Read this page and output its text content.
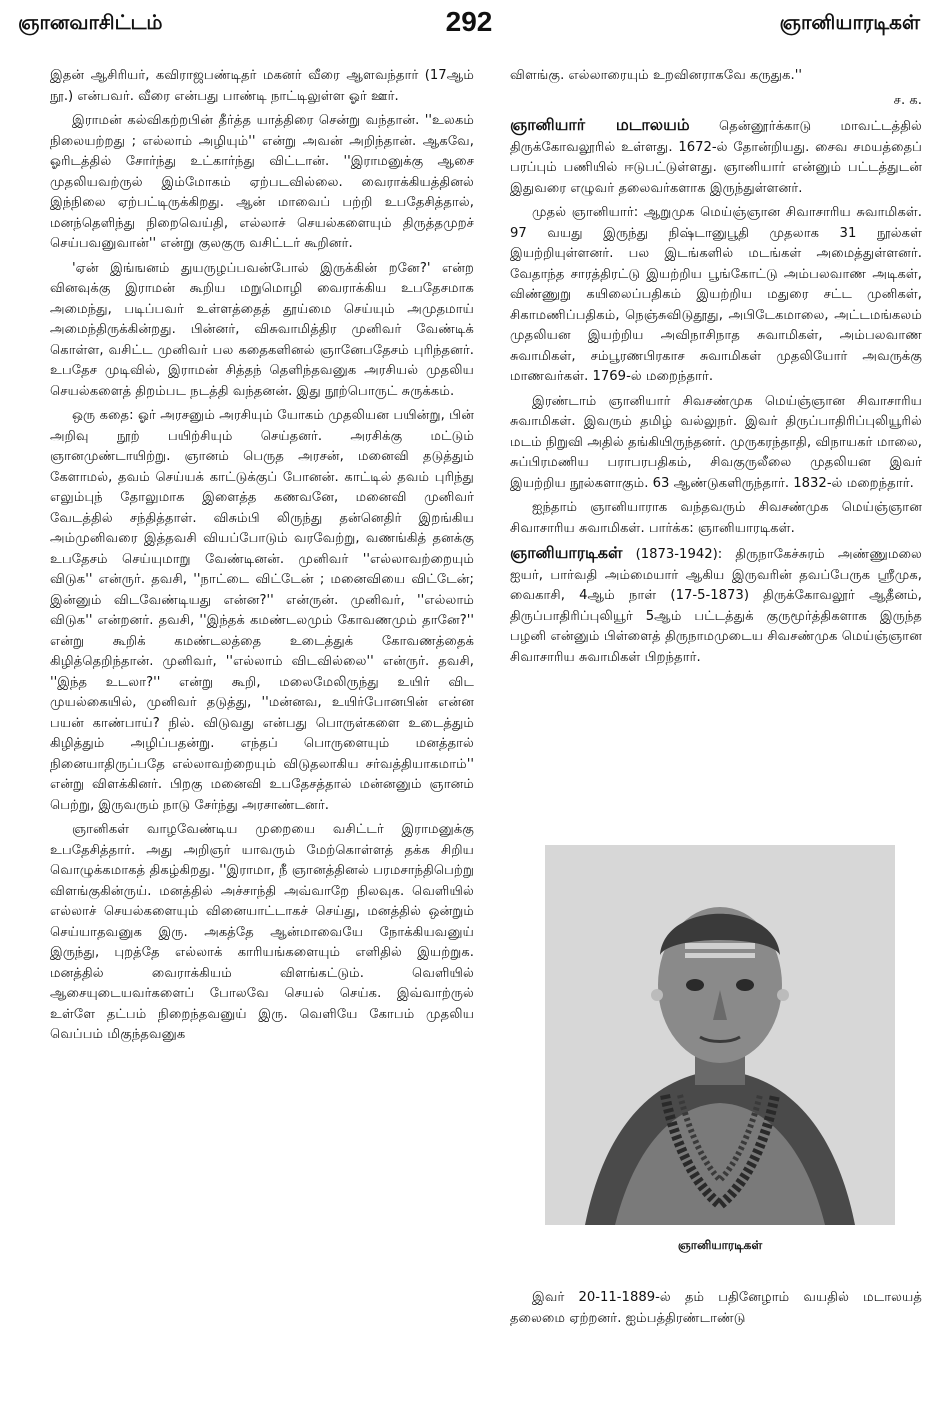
ஞானவாசிட்டம்	292	ஞானியாரடிகள்

இதன் ஆசிரியர், கவிராஜபண்டிதர் மகனர் வீரை ஆளவந்தார் (17ஆம் நூ.) என்பவர். வீரை என்பது பாண்டி நாட்டிலுள்ள ஓர் ஊர்.

இராமன் கல்விகற்றபின் தீர்த்த யாத்திரை சென்று வந்தான். ''உலகம் நிலையற்றது ; எல்லாம் அழியும்'' என்று அவன் அறிந்தான். ஆகவே, ஓரிடத்தில் சோர்ந்து உட்கார்ந்து விட்டான். ''இராமனுக்கு ஆசை முதலியவற்ருல் இம்மோகம் ஏற்படவில்லை. வைராக்கியத்தினல் இந்நிலை ஏற்பட்டிருக்கிறது. ஆன் மாவைப் பற்றி உபதேசித்தால், மனந்தெளிந்து நிறைவெய்தி, எல்லாச் செயல்களையும் திருத்தமுறச் செய்பவனுவான்'' என்று குலகுரு வசிட்டர் கூறினர்.

'ஏன் இங்ஙனம் துயருழப்பவன்போல் இருக்கின் றனே?' என்ற வினவுக்கு இராமன் கூறிய மறுமொழி வைராக்கிய உபதேசமாக அமைந்து, படிப்பவர் உள்ளத்தைத் தூய்மை செய்யும் அமுதமாய் அமைந்திருக்கின்றது. பின்னர், விசுவாமித்திர முனிவர் வேண்டிக் கொள்ள, வசிட்ட முனிவர் பல கதைகளினல் ஞானேபதேசம் புரிந்தனர். உபதேச முடிவில், இராமன் சித்தந் தெளிந்தவனுக அரசியல் முதலிய செயல்களைத் திறம்பட நடத்தி வந்தனன். இது நூற்பொருட் சுருக்கம்.

ஒரு கதை: ஓர் அரசனும் அரசியும் யோகம் முதலியன பயின்று, பின் அறிவு நூற் பயிற்சியும் செய்தனர். அரசிக்கு மட்டும் ஞானமுண்டாயிற்று. ஞானம் பெருத அரசன், மனைவி தடுத்தும் கேளாமல், தவம் செய்யக் காட்டுக்குப் போனன். காட்டில் தவம் புரிந்து எலும்புந் தோலுமாக இளைத்த கணவனே, மனைவி முனிவர் வேடத்தில் சந்தித்தாள். விசும்பி லிருந்து தன்னெதிர் இறங்கிய அம்முனிவரை இத்தவசி வியப்போடும் வரவேற்று, வணங்கித் தனக்கு உபதேசம் செய்யுமாறு வேண்டினன். முனிவர் ''எல்லாவற்றையும் விடுக'' என்ருர். தவசி, ''நாட்டை விட்டேன் ; மனைவியை விட்டேன்; இன்னும் விடவேண்டியது என்ன?'' என்ருன். முனிவர், ''எல்லாம் விடுக'' என்றனர். தவசி, ''இந்தக் கமண்டலமும் கோவணமும் தானே?'' என்று கூறிக் கமண்டலத்தை உடைத்துக் கோவணத்தைக் கிழித்தெறிந்தான். முனிவர், ''எல்லாம் விடவில்லை'' என்ருர். தவசி, ''இந்த உடலா?'' என்று கூறி, மலைமேலிருந்து உயிர் விட முயல்கையில், முனிவர் தடுத்து, ''மன்னவ, உயிர்போனபின் என்ன பயன் காண்பாய்? நில். விடுவது என்பது பொருள்களை உடைத்தும் கிழித்தும் அழிப்பதன்று. எந்தப் பொருளையும் மனத்தால் நினையாதிருப்பதே எல்லாவற்றையும் விடுதலாகிய சர்வத்தியாகமாம்'' என்று விளக்கினர். பிறகு மனைவி உபதேசத்தால் மன்னனும் ஞானம் பெற்று, இருவரும் நாடு சேர்ந்து அரசாண்டனர்.

ஞானிகள் வாழவேண்டிய முறையை வசிட்டர் இராமனுக்கு உபதேசித்தார். அது அறிஞர் யாவரும் மேற்கொள்ளத் தக்க சிறிய வொழுக்கமாகத் திகழ்கிறது. ''இராமா, நீ ஞானத்தினல் பரமசாந்திபெற்று விளங்குகின்ருய். மனத்தில் அச்சாந்தி அவ்வாறே நிலவுக. வெளியில் எல்லாச் செயல்களையும் வினையாட்டாகச் செய்து, மனத்தில் ஒன்றும் செய்யாதவனுக இரு. அகத்தே ஆன்மாவையே நோக்கியவனுய் இருந்து, புறத்தே எல்லாக் காரியங்களையும் எளிதில் இயற்றுக. மனத்தில் வைராக்கியம் விளங்கட்டும். வெளியில் ஆசையுடையவர்களைப் போலவே செயல் செய்க. இவ்வாற்ருல் உள்ளே தட்பம் நிறைந்தவனுய் இரு. வெளியே கோபம் முதலிய வெப்பம் மிகுந்தவனுக

விளங்கு. எல்லாரையும் உறவினராகவே கருதுக.''

ச. க.

ஞானியார் மடாலயம் தென்னூர்க்காடு மாவட்டத்தில் திருக்கோவலூரில் உள்ளது. 1672-ல் தோன்றியது. சைவ சமயத்தைப் பரப்பும் பணியில் ஈடுபட்டுள்ளது. ஞானியார் என்னும் பட்டத்துடன் இதுவரை எழுவர் தலைவர்களாக இருந்துள்ளனர்.

முதல் ஞானியார்: ஆறுமுக மெய்ஞ்ஞான சிவாசாரிய சுவாமிகள். 97 வயது இருந்து நிஷ்டானுபூதி முதலாக 31 நூல்கள் இயற்றியுள்ளனர். பல இடங்களில் மடங்கள் அமைத்துள்ளனர். வேதாந்த சாரத்திரட்டு இயற்றிய பூங்கோட்டு அம்பலவாண அடிகள், விண்ணுறு கயிலைப்பதிகம் இயற்றிய மதுரை சட்ட முனிகள், சிகாமணிப்பதிகம், நெஞ்சுவிடுதூது, அபிடேகமாலை, அட்டமங்கலம் முதலியன இயற்றிய அவிநாசிநாத சுவாமிகள், அம்பலவாண சுவாமிகள், சம்பூரணபிரகாச சுவாமிகள் முதலியோர் அவருக்கு மாணவர்கள். 1769-ல் மறைந்தார்.

இரண்டாம் ஞானியார் சிவசண்முக மெய்ஞ்ஞான சிவாசாரிய சுவாமிகள். இவரும் தமிழ் வல்லுநர். இவர் திருப்பாதிரிப்புலியூரில் மடம் நிறுவி அதில் தங்கியிருந்தனர். முருகரந்தாதி, விநாயகர் மாலை, சுப்பிரமணிய பராபரபதிகம், சிவகுருலீலை முதலியன இவர் இயற்றிய நூல்களாகும். 63 ஆண்டுகளிருந்தார். 1832-ல் மறைந்தார்.

ஐந்தாம் ஞானியாராக வந்தவரும் சிவசண்முக மெய்ஞ்ஞான சிவாசாரிய சுவாமிகள். பார்க்க: ஞானியாரடிகள்.

ஞானியாரடிகள் (1873-1942): திருநாகேச்சுரம் அண்ணுமலை ஐயர், பார்வதி அம்மையார் ஆகிய இருவரின் தவப்பேருக ஸ்ரீமுக, வைகாசி, 4ஆம் நாள் (17-5-1873) திருக்கோவலூர் ஆதீனம், திருப்பாதிரிப்புலியூர் 5ஆம் பட்டத்துக் குருமூர்த்திகளாக இருந்த பழனி என்னும் பிள்ளைத் திருநாமமுடைய சிவசண்முக மெய்ஞ்ஞான சிவாசாரிய சுவாமிகள் பிறந்தார்.

ஞானியாரடிகள்

இவர் 20-11-1889-ல் தம் பதினேழாம் வயதில் மடாலயத் தலைமை ஏற்றனர். ஐம்பத்திரண்டாண்டு
